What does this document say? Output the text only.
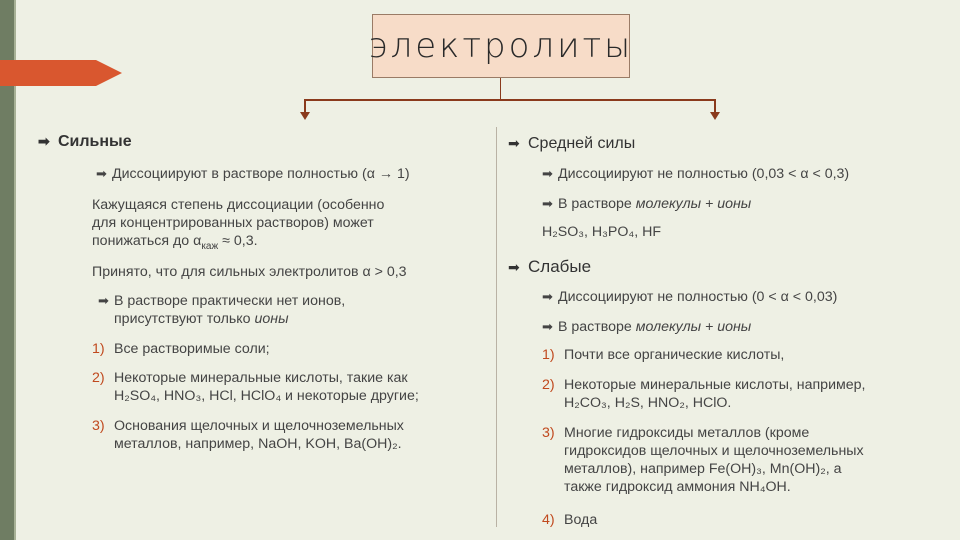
электролиты
➡ Сильные
➡ Диссоциируют в растворе полностью (α → 1)
Кажущаяся степень диссоциации (особенно
для концентрированных растворов) может
понижаться до $\alpha_{каж} \approx 0,3$.
Принято, что для сильных электролитов α > 0,3
➡ В растворе практически нет ионов,
присутствуют только ионы
1) Все растворимые соли;
2) Некоторые минеральные кислоты, такие как
H₂SO₄, HNO₃, HCl, HClO₄ и некоторые другие;
3) Основания щелочных и щелочноземельных
металлов, например, NaOH, KOH, Ba(OH)₂.
➡ Средней силы
➡ Диссоциируют не полностью (0,03 < α < 0,3)
➡ В растворе молекулы + ионы
H₂SO₃, H₃PO₄, HF
➡ Слабые
➡ Диссоциируют не полностью (0 < α < 0,03)
➡ В растворе молекулы + ионы
1) Почти все органические кислоты,
2) Некоторые минеральные кислоты, например,
H₂CO₃, H₂S, HNO₂, HClO.
3) Многие гидроксиды металлов (кроме
гидроксидов щелочных и щелочноземельных
металлов), например Fe(OH)₃, Mn(OH)₂, а
также гидроксид аммония NH₄OH.
4) Вода
